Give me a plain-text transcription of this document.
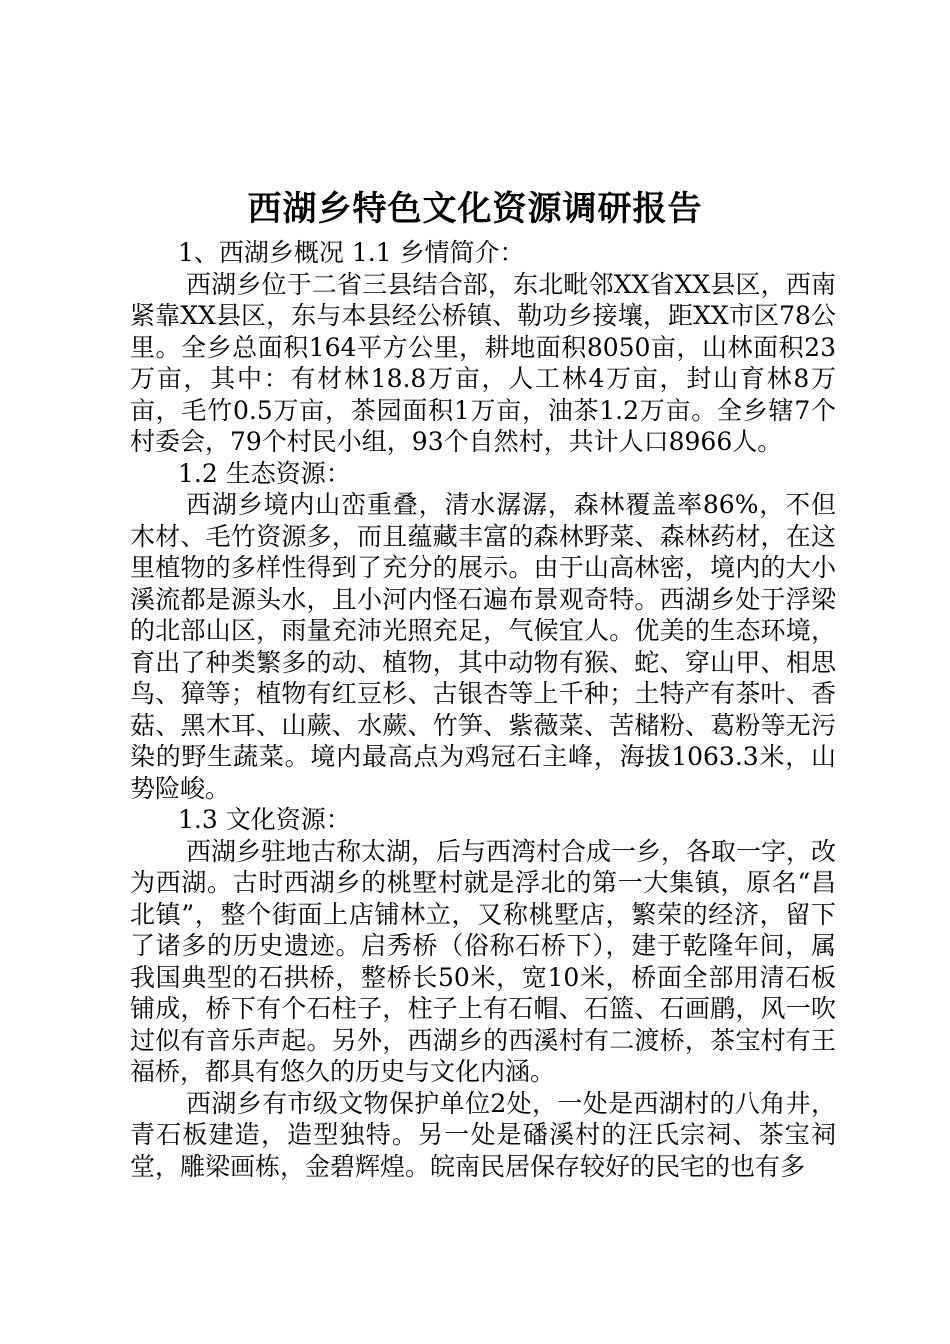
西湖乡特色文化资源调研报告

1、西湖乡概况 1.1 乡情简介：

西湖乡位于二省三县结合部，东北毗邻XX省XX县区，西南紧靠XX县区，东与本县经公桥镇、勒功乡接壤，距XX市区78公里。全乡总面积164平方公里，耕地面积8050亩，山林面积23万亩，其中：有材林18.8万亩，人工林4万亩，封山育林8万亩，毛竹0.5万亩，茶园面积1万亩，油茶1.2万亩。全乡辖7个村委会，79个村民小组，93个自然村，共计人口8966人。

1.2 生态资源：

西湖乡境内山峦重叠，清水潺潺，森林覆盖率86%，不但木材、毛竹资源多，而且蕴藏丰富的森林野菜、森林药材，在这里植物的多样性得到了充分的展示。由于山高林密，境内的大小溪流都是源头水，且小河内怪石遍布景观奇特。西湖乡处于浮梁的北部山区，雨量充沛光照充足，气候宜人。优美的生态环境，育出了种类繁多的动、植物，其中动物有猴、蛇、穿山甲、相思鸟、獐等；植物有红豆杉、古银杏等上千种；土特产有茶叶、香菇、黑木耳、山蕨、水蕨、竹笋、紫薇菜、苦槠粉、葛粉等无污染的野生蔬菜。境内最高点为鸡冠石主峰，海拔1063.3米，山势险峻。

1.3 文化资源：

西湖乡驻地古称太湖，后与西湾村合成一乡，各取一字，改为西湖。古时西湖乡的桃墅村就是浮北的第一大集镇，原名“昌北镇”，整个街面上店铺林立，又称桃墅店，繁荣的经济，留下了诸多的历史遗迹。启秀桥（俗称石桥下），建于乾隆年间，属我国典型的石拱桥，整桥长50米，宽10米，桥面全部用清石板铺成，桥下有个石柱子，柱子上有石帽、石篮、石画鹛，风一吹过似有音乐声起。另外，西湖乡的西溪村有二渡桥，茶宝村有王福桥，都具有悠久的历史与文化内涵。

西湖乡有市级文物保护单位2处，一处是西湖村的八角井，青石板建造，造型独特。另一处是磻溪村的汪氏宗祠、茶宝祠堂，雕梁画栋，金碧辉煌。皖南民居保存较好的民宅的也有多
